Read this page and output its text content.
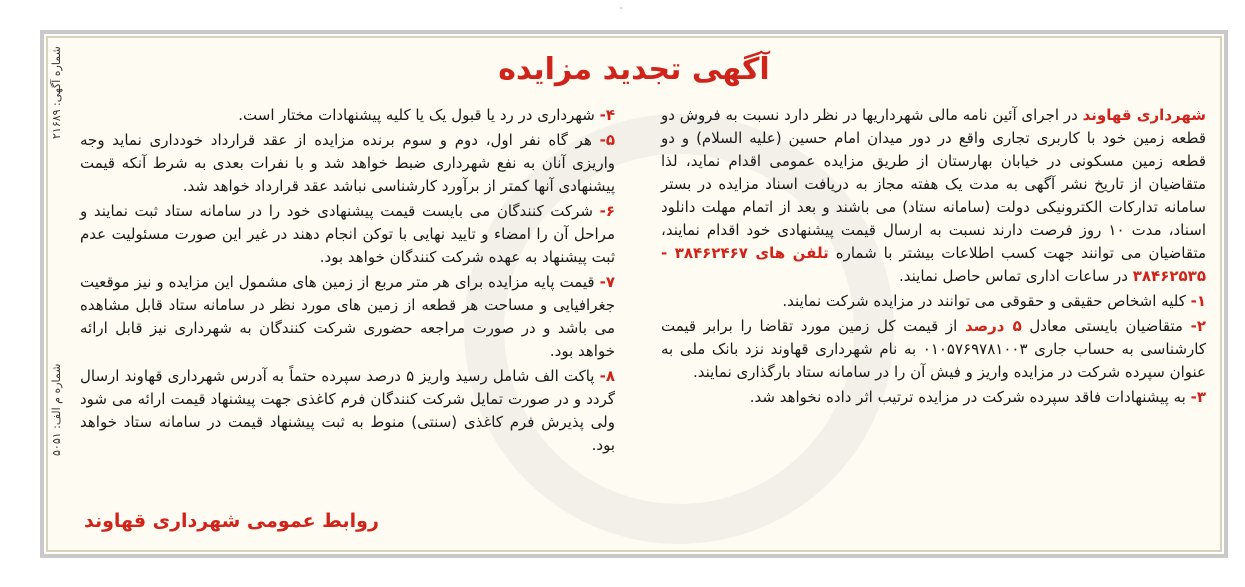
'
شماره آگهی: ۲۱۶۸۹
شماره م الف: ۵۰۵۱
آگهی تجدید مزایده

شهرداری قهاوند در اجرای آئین نامه مالی شهرداریها در نظر دارد نسبت به فروش دو قطعه زمین خود با کاربری تجاری واقع در دور میدان امام حسین (علیه السلام) و دو قطعه زمین مسکونی در خیابان بهارستان از طریق مزایده عمومی اقدام نماید، لذا متقاضیان از تاریخ نشر آگهی به مدت یک هفته مجاز به دریافت اسناد مزایده در بستر سامانه تدارکات الکترونیکی دولت (سامانه ستاد) می باشند و بعد از اتمام مهلت دانلود اسناد، مدت ۱۰ روز فرصت دارند نسبت به ارسال قیمت پیشنهادی خود اقدام نمایند، متقاضیان می توانند جهت کسب اطلاعات بیشتر با شماره تلفن های ۳۸۴۶۲۴۶۷ - ۳۸۴۶۲۵۳۵ در ساعات اداری تماس حاصل نمایند.

۱- کلیه اشخاص حقیقی و حقوقی می توانند در مزایده شرکت نمایند.

۲- متقاضیان بایستی معادل ۵ درصد از قیمت کل زمین مورد تقاضا را برابر قیمت کارشناسی به حساب جاری ۰۱۰۵۷۶۹۷۸۱۰۰۳ به نام شهرداری قهاوند نزد بانک ملی به عنوان سپرده شرکت در مزایده واریز و فیش آن را در سامانه ستاد بارگذاری نمایند.

۳- به پیشنهادات فاقد سپرده شرکت در مزایده ترتیب اثر داده نخواهد شد.

۴- شهرداری در رد یا قبول یک یا کلیه پیشنهادات مختار است.

۵- هر گاه نفر اول، دوم و سوم برنده مزایده از عقد قرارداد خودداری نماید وجه واریزی آنان به نفع شهرداری ضبط خواهد شد و با نفرات بعدی به شرط آنکه قیمت پیشنهادی آنها کمتر از برآورد کارشناسی نباشد عقد قرارداد خواهد شد.

۶- شرکت کنندگان می بایست قیمت پیشنهادی خود را در سامانه ستاد ثبت نمایند و مراحل آن را امضاء و تایید نهایی با توکن انجام دهند در غیر این صورت مسئولیت عدم ثبت پیشنهاد به عهده شرکت کنندگان خواهد بود.

۷- قیمت پایه مزایده برای هر متر مربع از زمین های مشمول این مزایده و نیز موقعیت جغرافیایی و مساحت هر قطعه از زمین های مورد نظر در سامانه ستاد قابل مشاهده می باشد و در صورت مراجعه حضوری شرکت کنندگان به شهرداری نیز قابل ارائه خواهد بود.

۸- پاکت الف شامل رسید واریز ۵ درصد سپرده حتماً به آدرس شهرداری قهاوند ارسال گردد و در صورت تمایل شرکت کنندگان فرم کاغذی جهت پیشنهاد قیمت ارائه می شود ولی پذیرش فرم کاغذی (سنتی) منوط به ثبت پیشنهاد قیمت در سامانه ستاد خواهد بود.

روابط عمومی شهرداری قهاوند
